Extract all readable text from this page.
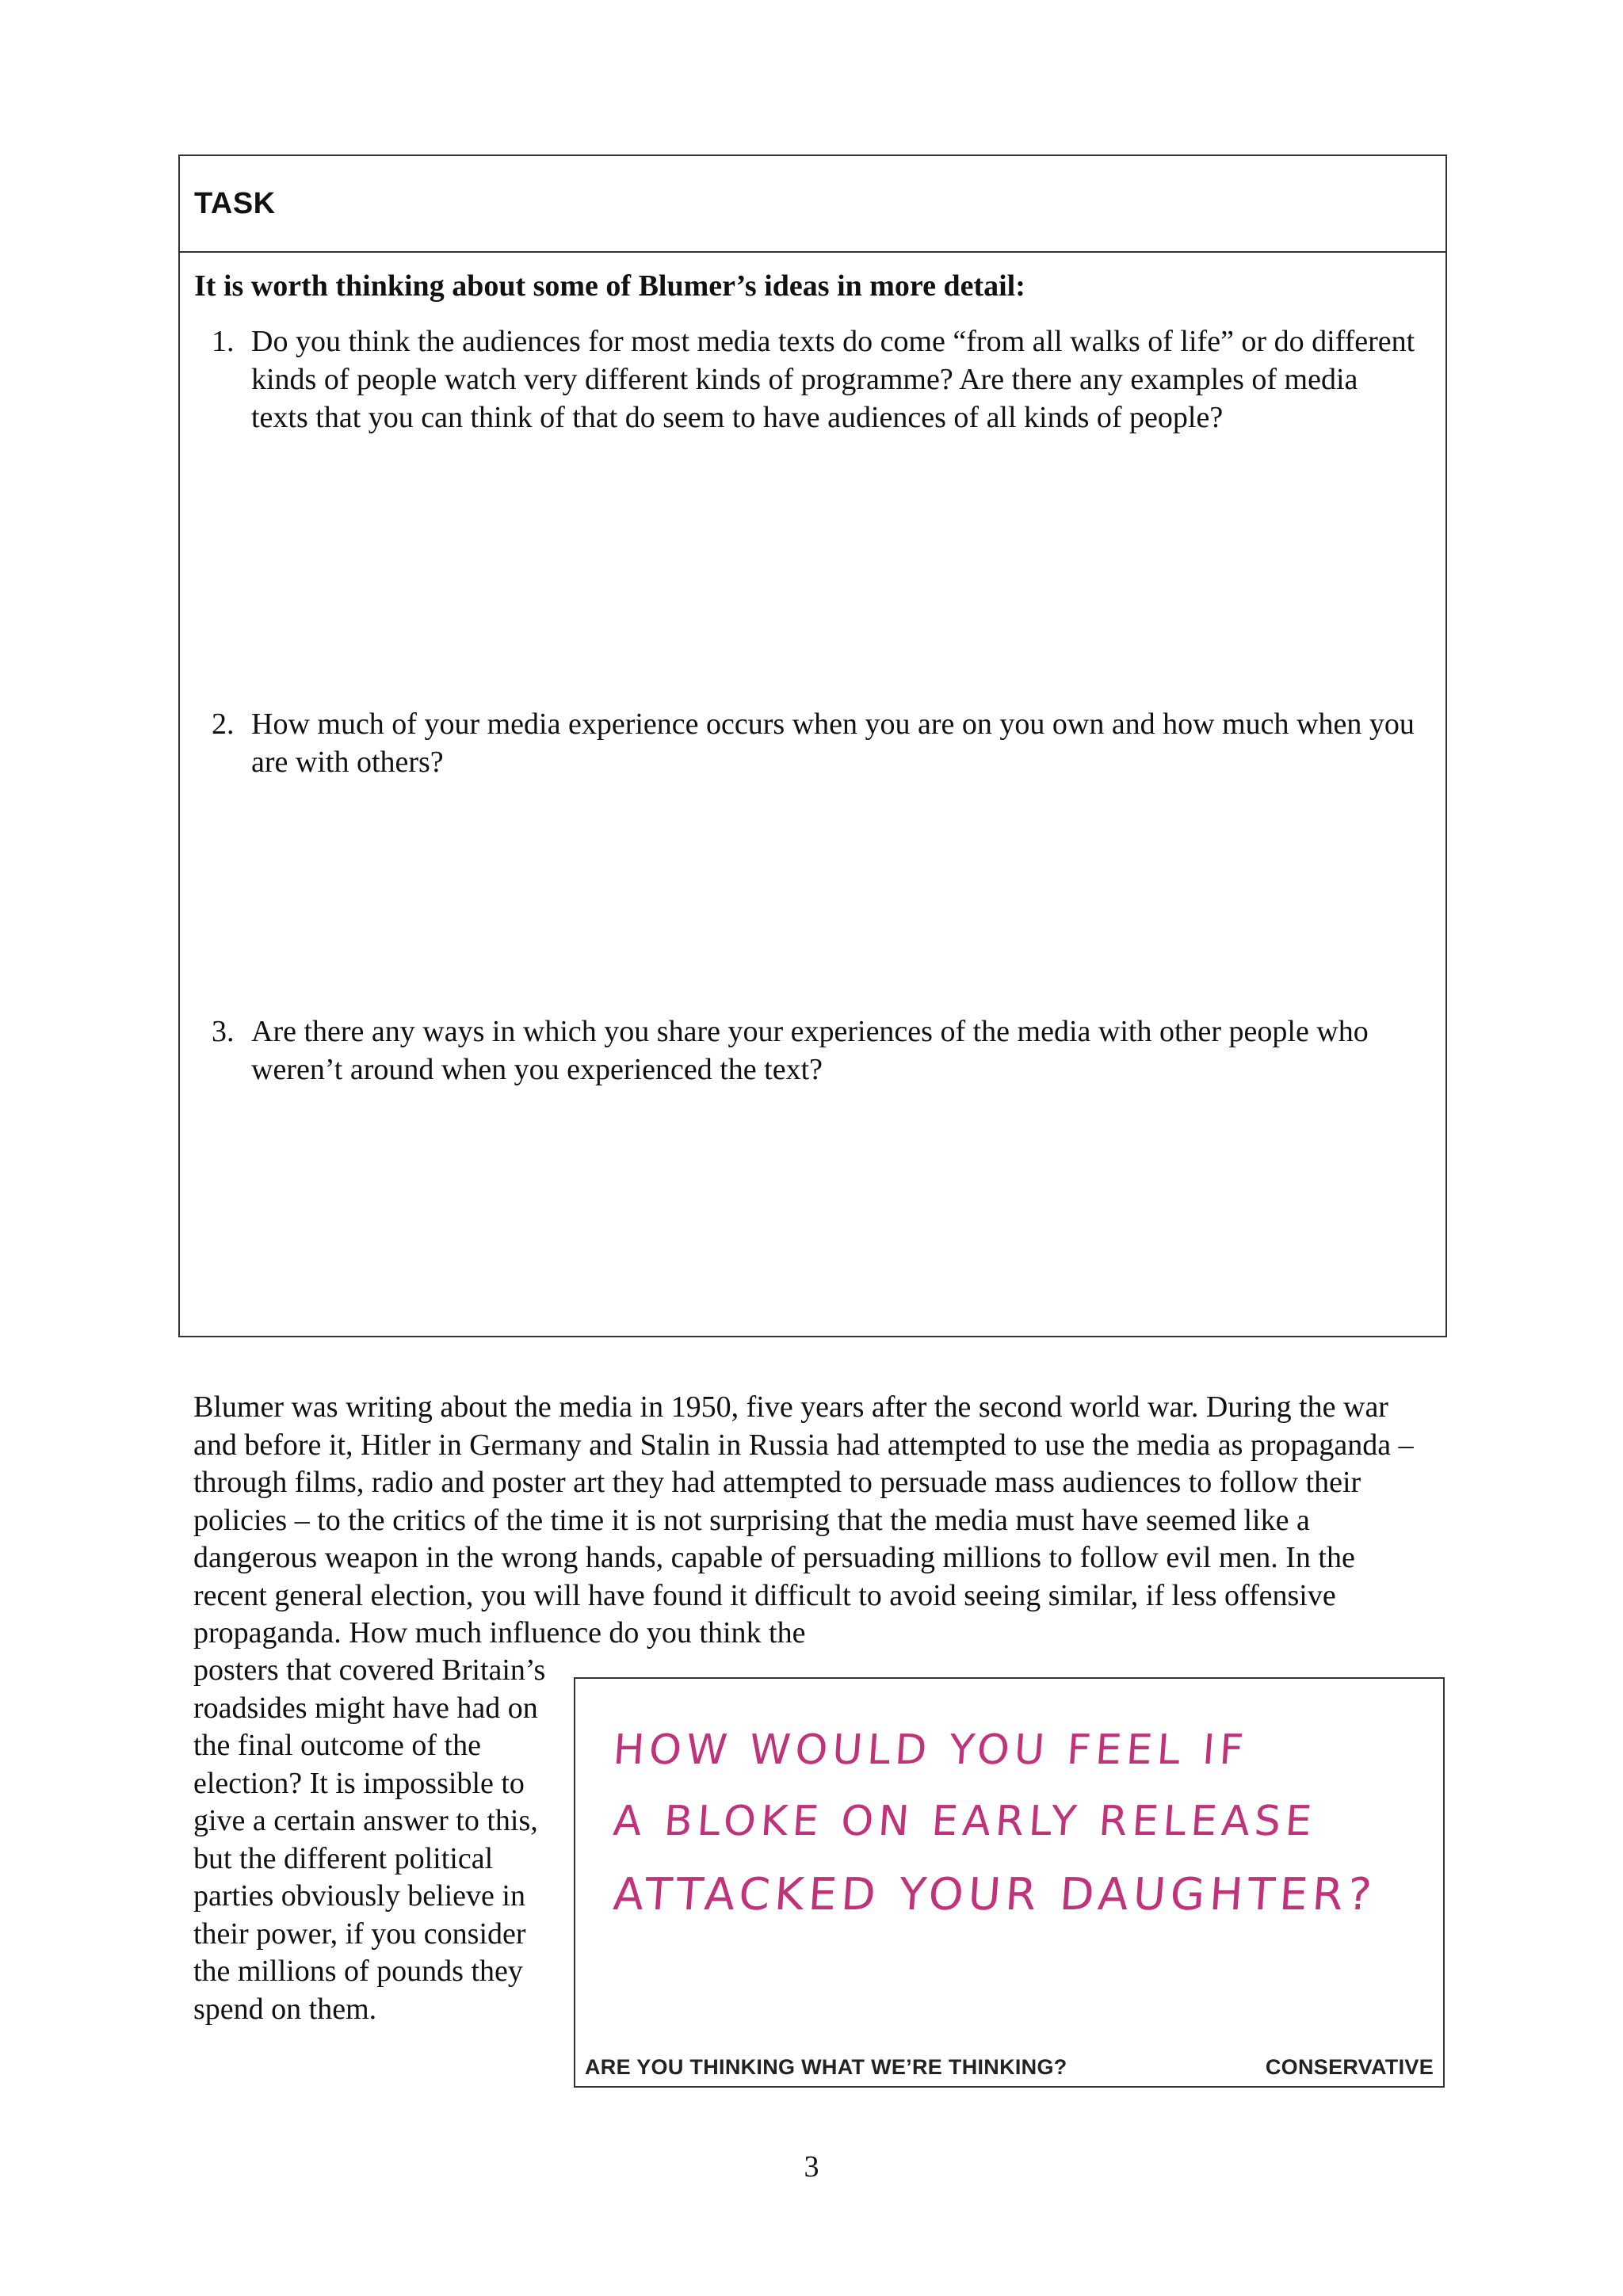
TASK

It is worth thinking about some of Blumer’s ideas in more detail:

1. Do you think the audiences for most media texts do come “from all walks of life” or do different kinds of people watch very different kinds of programme? Are there any examples of media texts that you can think of that do seem to have audiences of all kinds of people?
2. How much of your media experience occurs when you are on you own and how much when you are with others?
3. Are there any ways in which you share your experiences of the media with other people who weren’t around when you experienced the text?

Blumer was writing about the media in 1950, five years after the second world war. During the war and before it, Hitler in Germany and Stalin in Russia had attempted to use the media as propaganda – through films, radio and poster art they had attempted to persuade mass audiences to follow their policies – to the critics of the time it is not surprising that the media must have seemed like a dangerous weapon in the wrong hands, capable of persuading millions to follow evil men. In the recent general election, you will have found it difficult to avoid seeing similar, if less offensive propaganda. How much influence do you think the

posters that covered Britain’s roadsides might have had on the final outcome of the election? It is impossible to give a certain answer to this, but the different political parties obviously believe in their power, if you consider the millions of pounds they spend on them.

HOW WOULD YOU FEEL IF
A BLOKE ON EARLY RELEASE
ATTACKED YOUR DAUGHTER?
ARE YOU THINKING WHAT WE’RE THINKING?	CONSERVATIVE
3
